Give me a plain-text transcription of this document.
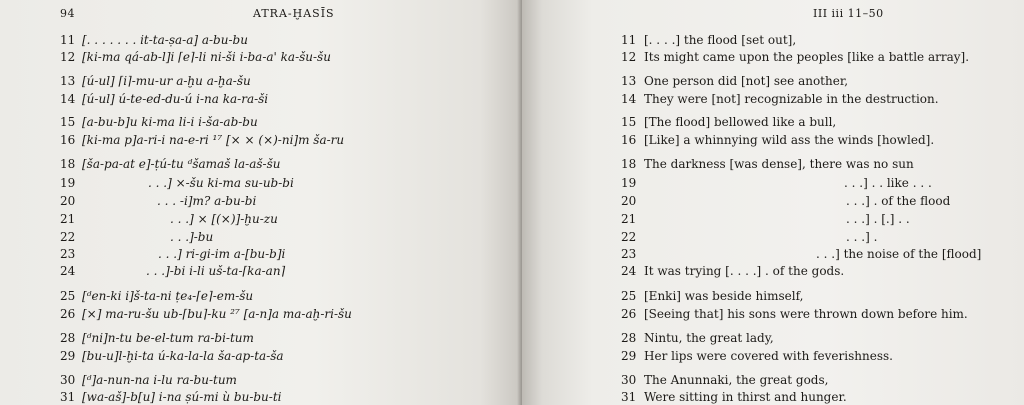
94	ATRA-ḪASĪS
11 [. . . . . . . it-ta-ṣa-a] a-bu-bu
12 [ki-ma qá-ab-l]i ⌈e⌉-li ni-ši i-ba-a' ka-šu-šu
13 [ú-ul] ⌈i⌉-mu-ur a-ḫu a-ḫa-šu
14 [ú-ul] ú-te-ed-du-ú i-na ka-ra-ši
15 [a-bu-b]u ki-ma li-i i-ša-ab-bu
16 [ki-ma p]a-ri-i na-e-ri ¹⁷ [× × (×)-ni]m ša-ru
18 [ša-pa-at e]-ṭú-tu ᵈšamaš la-aš-šu
19	. . .] ×-šu ki-ma su-ub-bi
20	. . . -i]m? a-bu-bi
21	. . .] × [(×)]-ḫu-zu
22	. . .]-bu
23	. . .] ri-gi-im a-[bu-b]i
24	. . .]-bi i-li uš-ta-⌈ka-an⌉
25 [ᵈen-ki i]š-ta-ni ṭe₄-⌈e⌉-em-šu
26 [×] ma-ru-šu ub-⌈bu⌉-ku ²⁷ [a-n]a ma-aḫ-ri-šu
28 [ᵈni]n-tu be-el-tum ra-bi-tum
29 [bu-u]l-ḫi-ta ú-ka-la-la ša-ap-ta-ša
30 [ᵈ]a-nun-na i-lu ra-bu-tum
31 [wa-aš]-b[u] i-na ṣú-mi ù bu-bu-ti
III iii 11–50
11 [. . . .] the flood [set out],
12 Its might came upon the peoples [like a battle array].
13 One person did [not] see another,
14 They were [not] recognizable in the destruction.
15 [The flood] bellowed like a bull,
16 [Like] a whinnying wild ass the winds [howled].
18 The darkness [was dense], there was no sun
19	. . .] . . like . . .
20	. . .] . of the flood
21	. . .] . [.] . .
22	. . .] .
23	. . .] the noise of the [flood]
24 It was trying [. . . .] . of the gods.
25 [Enki] was beside himself,
26 [Seeing that] his sons were thrown down before him.
28 Nintu, the great lady,
29 Her lips were covered with feverishness.
30 The Anunnaki, the great gods,
31 Were sitting in thirst and hunger.
